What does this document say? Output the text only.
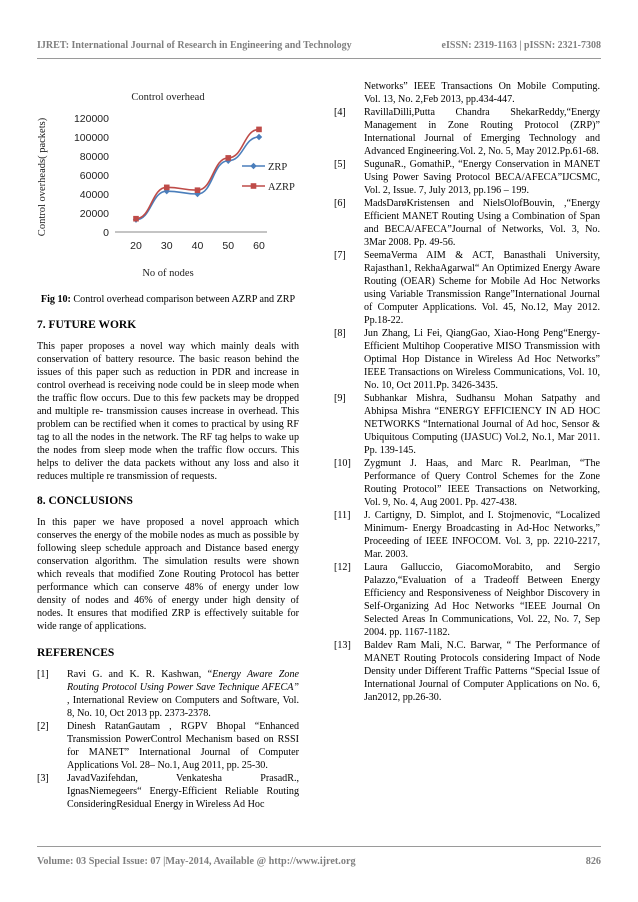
IJRET: International Journal of Research in Engineering and Technology	eISSN: 2319-1163 | pISSN: 2321-7308
Control overhead
0
20000
40000
60000
80000
100000
120000
20 30 40 50 60
No of nodes
Control overheads( packets)	ZRP
AZRP

Fig 10: Control overhead comparison between AZRP and ZRP

7. FUTURE WORK

This paper proposes a novel way which mainly deals with conservation of battery resource. The basic reason behind the issues of this paper such as reduction in PDR and increase in control overhead is receiving node could be in sleep mode when the traffic flow occurs. Due to this few packets may be dropped and multiple re- transmission causes increase in overhead. This problem can be rectified when it comes to practical by using RF tag to all the nodes in the network. The RF tag helps to wake up the nodes from sleep mode when the traffic flow occurs. This helps to deliver the data packets without any loss and also it reduces multiple re transmission of requests.

8. CONCLUSIONS

In this paper we have proposed a novel approach which conserves the energy of the mobile nodes as much as possible by following sleep schedule approach and Distance based energy conservation algorithm. The simulation results were shown which reveals that modified Zone Routing Protocol has better performance which can conserve 48% of energy under low density of nodes and 46% of energy under high density of nodes. It ensures that modified ZRP is effectively suitable for wide range of applications.

REFERENCES
[1]	Ravi G. and K. R. Kashwan, “Energy Aware Zone Routing Protocol Using Power Save Technique AFECA” , International Review on Computers and Software, Vol. 8, No. 10, Oct 2013 pp. 2373-2378.
[2]	Dinesh RatanGautam , RGPV Bhopal “Enhanced Transmission PowerControl Mechanism based on RSSI for MANET” International Journal of Computer Applications Vol. 28– No.1, Aug 2011, pp. 25-30.
[3]	JavadVazifehdan, Venkatesha PrasadR., IgnasNiemegeers“ Energy-Efficient Reliable Routing ConsideringResidual Energy in Wireless Ad Hoc
Networks” IEEE Transactions On Mobile Computing. Vol. 13, No. 2,Feb 2013, pp.434-447.
[4]	RavillaDilli,Putta Chandra ShekarReddy,“Energy Management in Zone Routing Protocol (ZRP)” International Journal of Emerging Technology and Advanced Engineering.Vol. 2, No. 5, May 2012.Pp.61-68.
[5]	SugunaR., GomathiP., “Energy Conservation in MANET Using Power Saving Protocol BECA/AFECA”IJCSMC, Vol. 2, Issue. 7, July 2013, pp.196 – 199.
[6]	MadsDarøKristensen and NielsOlofBouvin, ,“Energy Efficient MANET Routing Using a Combination of Span and BECA/AFECA”Journal of Networks, Vol. 3, No. 3Mar 2008. Pp. 49-56.
[7]	SeemaVerma AIM & ACT, Banasthali University, Rajasthan1, RekhaAgarwal“ An Optimized Energy Aware Routing (OEAR) Scheme for Mobile Ad Hoc Networks using Variable Transmission Range”International Journal of Computer Applications. Vol. 45, No.12, May 2012. Pp.18-22.
[8]	Jun Zhang, Li Fei, QiangGao, Xiao-Hong Peng“Energy-Efficient Multihop Cooperative MISO Transmission with Optimal Hop Distance in Wireless Ad Hoc Networks” IEEE Transactions on Wireless Communications, Vol. 10, No. 10, Oct 2011.Pp. 3426-3435.
[9]	Subhankar Mishra, Sudhansu Mohan Satpathy and Abhipsa Mishra “ENERGY EFFICIENCY IN AD HOC NETWORKS “International Journal of Ad hoc, Sensor & Ubiquitous Computing (IJASUC) Vol.2, No.1, Mar 2011. Pp. 139-145.
[10]	Zygmunt J. Haas, and Marc R. Pearlman, “The Performance of Query Control Schemes for the Zone Routing Protocol” IEEE Transactions on Networking, Vol. 9, No. 4, Aug 2001. Pp. 427-438.
[11]	J. Cartigny, D. Simplot, and I. Stojmenovic, “Localized Minimum- Energy Broadcasting in Ad-Hoc Networks,” Proceeding of IEEE INFOCOM. Vol. 3, pp. 2210-2217, Mar. 2003.
[12]	Laura Galluccio, GiacomoMorabito, and Sergio Palazzo,“Evaluation of a Tradeoff Between Energy Efficiency and Responsiveness of Neighbor Discovery in Self-Organizing Ad Hoc Networks “IEEE Journal On Selected Areas In Communications, Vol. 22, No. 7, Sep 2004. pp. 1167-1182.
[13]	Baldev Ram Mali, N.C. Barwar, “ The Performance of MANET Routing Protocols considering Impact of Node Density under Different Traffic Patterns “Special Issue of International Journal of Computer Applications on No. 6, Jan2012, pp.26-30.
Volume: 03 Special Issue: 07 |May-2014, Available @ http://www.ijret.org	826
